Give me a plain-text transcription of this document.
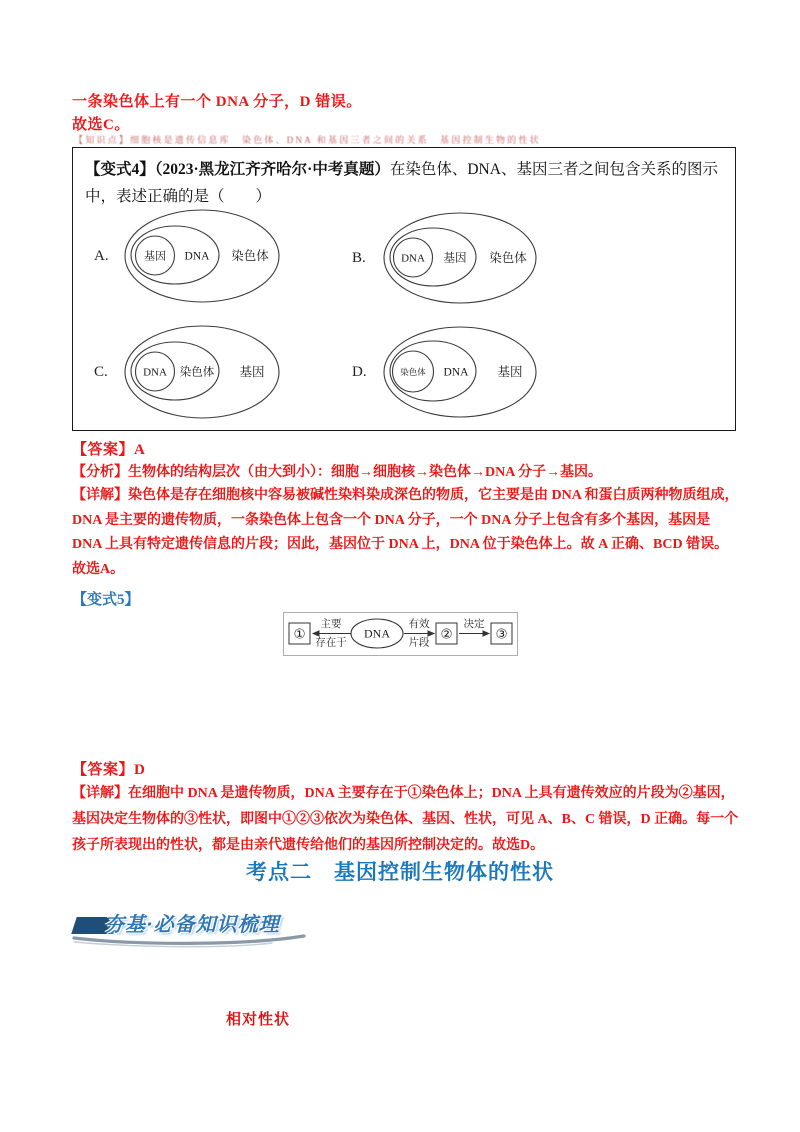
一条染色体上有一个 DNA 分子，D 错误。
故选C。
【知识点】细胞核是遗传信息库　染色体、DNA 和基因三者之间的关系　基因控制生物的性状

【变式4】（2023·黑龙江齐齐哈尔·中考真题）在染色体、DNA、基因三者之间包含关系的图示中，表述正确的是（　　）

A.	基因 DNA 染色体	B.	DNA 基因 染色体
C.	DNA 染色体 基因	D.	染色体 DNA 基因
【答案】A
【分析】生物体的结构层次（由大到小）：细胞→细胞核→染色体→DNA 分子→基因。
【详解】染色体是存在细胞核中容易被碱性染料染成深色的物质，它主要是由 DNA 和蛋白质两种物质组成，
DNA 是主要的遗传物质，一条染色体上包含一个 DNA 分子，一个 DNA 分子上包含有多个基因，基因是
DNA 上具有特定遗传信息的片段；因此，基因位于 DNA 上，DNA 位于染色体上。故 A 正确、BCD 错误。
故选A。
【变式5】
①
主要
存在于
DNA
有效
片段
②
决定
③
【答案】D
【详解】在细胞中 DNA 是遗传物质，DNA 主要存在于①染色体上；DNA 上具有遗传效应的片段为②基因，
基因决定生物体的③性状，即图中①②③依次为染色体、基因、性状，可见 A、B、C 错误，D 正确。每一个
孩子所表现出的性状，都是由亲代遗传给他们的基因所控制决定的。故选D。
考点二　基因控制生物体的性状
夯基·必备知识梳理
相对性状
